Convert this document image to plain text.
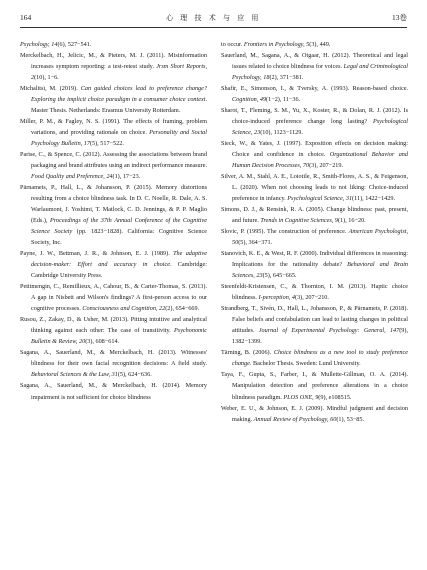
164	心 理 技 术 与 应 用	13卷

Psychology, 14(6), 527−541.

Merckelbach, H., Jelicic, M., & Pieters, M. J. (2011). Misinformation increases symptom reporting: a test-retest study. Jrsm Short Reports, 2(10), 1−6.

Michalitsi, M. (2019). Can guided choices lead to preference change? Exploring the implicit choice paradigm in a consumer choice context. Master Thesis. Netherlands: Erasmus University Rotterdam.

Miller, P. M., & Fagley, N. S. (1991). The effects of framing, problem variations, and providing rationale on choice. Personality and Social Psychology Bulletin, 17(5), 517−522.

Parise, C., & Spence, C. (2012). Assessing the associations between brand packaging and brand attributes using an indirect performance measure. Food Quality and Preference, 24(1), 17−23.

Pärnamets, P., Hall, L., & Johansson, P. (2015). Memory distortions resulting from a choice blindness task. In D. C. Noelle, R. Dale, A. S. Warlaumont, J. Yoshimi, T. Matlock, C. D. Jennings, & P. P. Maglio (Eds.), Proceedings of the 37th Annual Conference of the Cognitive Science Society (pp. 1823−1828). California: Cognitive Science Society, Inc.

Payne, J. W., Bettman, J. R., & Johnson, E. J. (1989). The adaptive decision-maker: Effort and accuracy in choice. Cambridge: Cambridge University Press.

Petitmengin, C., Remillieux, A., Cahour, B., & Carter-Thomas, S. (2013). A gap in Nisbett and Wilson's findings? A first-person access to our cognitive processes. Consciousness and Cognition, 22(2), 654−669.

Rusou, Z., Zakay, D., & Usher, M. (2013). Pitting intuitive and analytical thinking against each other: The case of transitivity. Psychonomic Bulletin & Review, 20(3), 608−614.

Sagana, A., Sauerland, M., & Merckelbach, H. (2013). Witnesses' blindness for their own facial recognition decisions: A field study. Behavioral Sciences & the Law, 31(5), 624−636.

Sagana, A., Sauerland, M., & Merckelbach, H. (2014). Memory impairment is not sufficient for choice blindness

to occur. Frontiers in Psychology, 5(3), 449.

Sauerland, M., Sagana, A., & Otgaar, H. (2012). Theoretical and legal issues related to choice blindness for voices. Legal and Criminological Psychology, 18(2), 371−381.

Shafir, E., Simonson, I., & Tversky, A. (1993). Reason-based choice. Cognition, 49(1−2), 11−36.

Sharot, T., Fleming, S. M., Yu, X., Koster, R., & Dolan, R. J. (2012). Is choice-induced preference change long lasting? Psychological Science, 23(10), 1123−1129.

Sieck, W., & Yates, J. (1997). Exposition effects on decision making: Choice and confidence in choice. Organizational Behavior and Human Decision Processes, 70(3), 207−219.

Silver, A. M., Stahl, A. E., Loiotile, R., Smith-Flores, A. S., & Feigenson, L. (2020). When not choosing leads to not liking: Choice-induced preference in infancy. Psychological Science, 31(11), 1422−1429.

Simons, D. J., & Rensink, R. A. (2005). Change blindness: past, present, and future. Trends in Cognitive Sciences, 9(1), 16−20.

Slovic, P. (1995). The construction of preference. American Psychologist, 50(5), 364−371.

Stanovich, K. E., & West, R. F. (2000). Individual differences in reasoning: Implications for the rationality debate? Behavioral and Brain Sciences, 23(5), 645−665.

Steenfeldt-Kristensen, C., & Thornton, I. M. (2013). Haptic choice blindness. I-perception, 4(3), 207−210.

Strandberg, T., Sivén, D., Hall, L., Johansson, P., & Pärnamets, P. (2018). False beliefs and confabulation can lead to lasting changes in political attitudes. Journal of Experimental Psychology: General, 147(9), 1382−1399.

Tärning, B. (2006). Choice blindness as a new tool to study preference change. Bachelor Thesis. Sweden: Lund University.

Taya, F., Gupta, S., Farber, I., & Mullette-Gillman, O. A. (2014). Manipulation detection and preference alterations in a choice blindness paradigm. PLOS ONE, 9(9), e108515.

Weber, E. U., & Johnson, E. J. (2009). Mindful judgment and decision making. Annual Review of Psychology, 60(1), 53−85.
